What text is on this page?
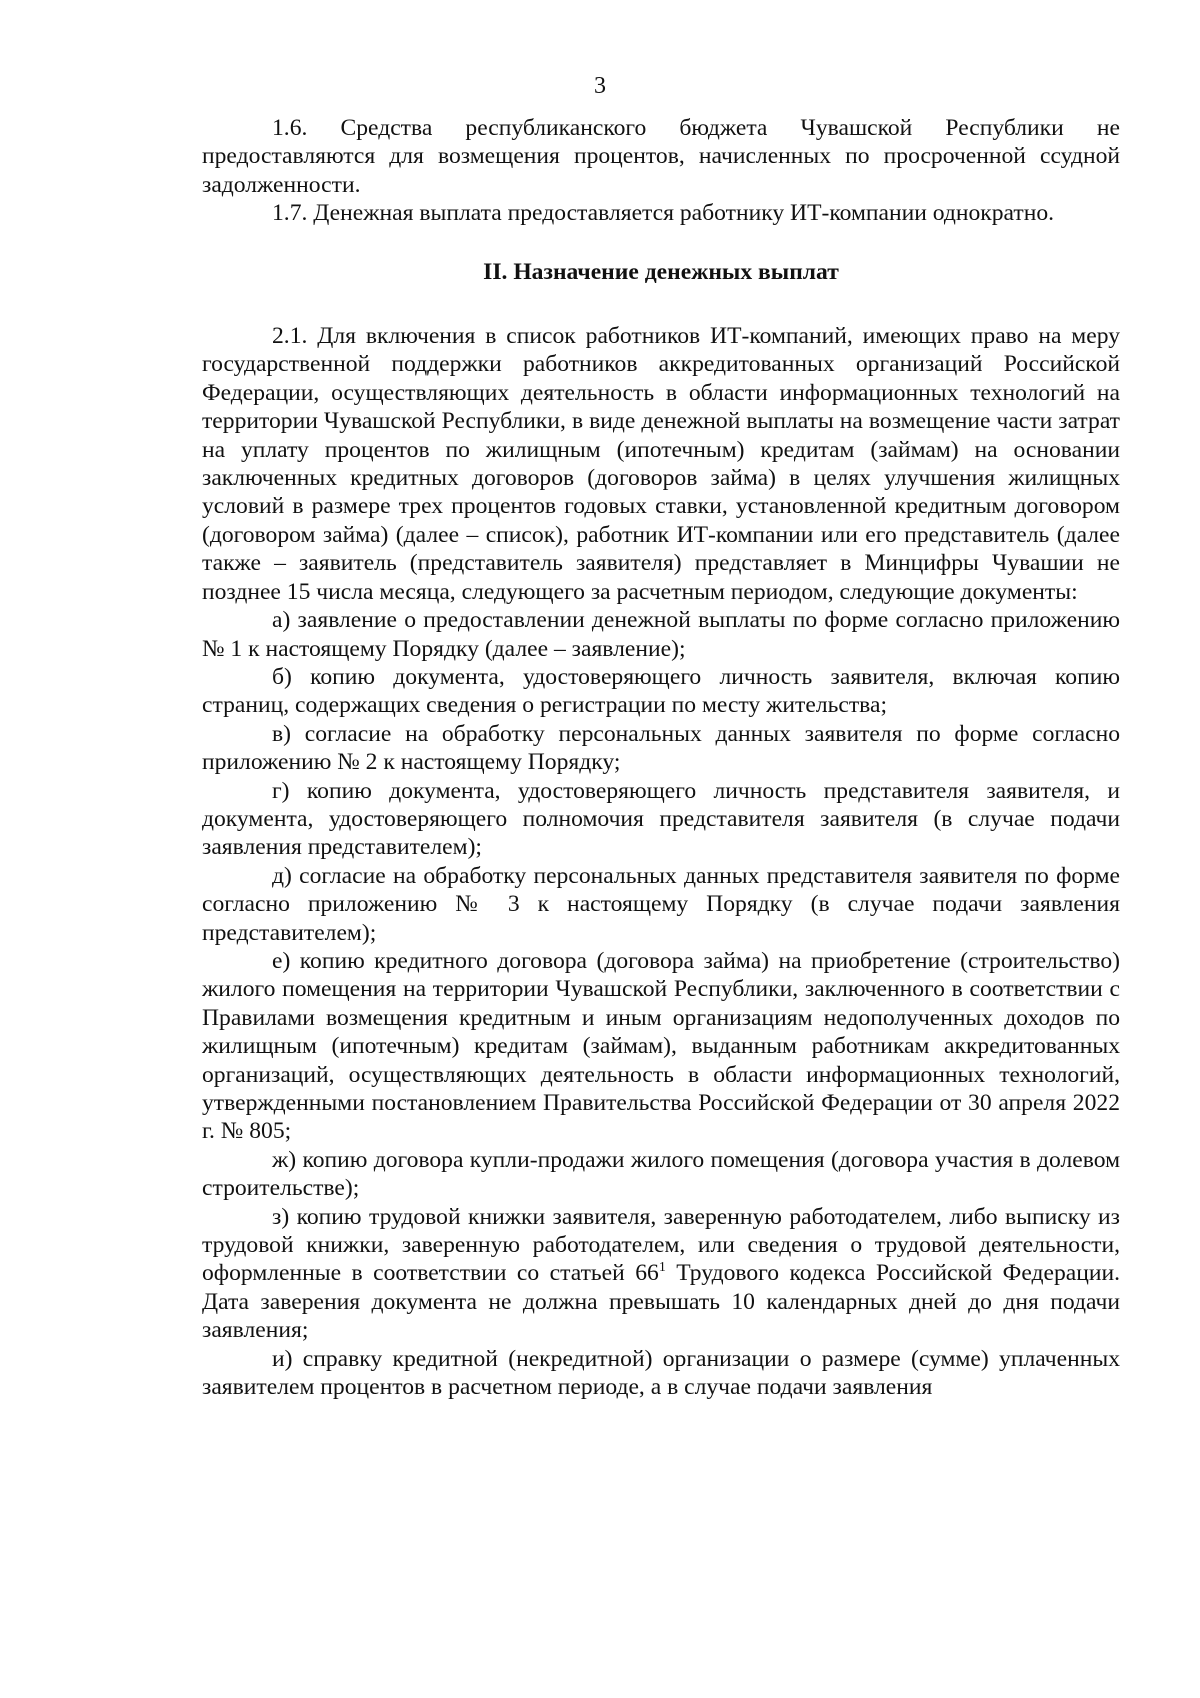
3

1.6. Средства республиканского бюджета Чувашской Республики не предоставляются для возмещения процентов, начисленных по просроченной ссудной задолженности.

1.7. Денежная выплата предоставляется работнику ИТ-компании однократно.

II. Назначение денежных выплат

2.1. Для включения в список работников ИТ-компаний, имеющих право на меру государственной поддержки работников аккредитованных организаций Российской Федерации, осуществляющих деятельность в области информационных технологий на территории Чувашской Республики, в виде денежной выплаты на возмещение части затрат на уплату процентов по жилищным (ипотечным) кредитам (займам) на основании заключенных кредитных договоров (договоров займа) в целях улучшения жилищных условий в размере трех процентов годовых ставки, установленной кредитным договором (договором займа) (далее – список), работник ИТ-компании или его представитель (далее также – заявитель (представитель заявителя) представляет в Минцифры Чувашии не позднее 15 числа месяца, следующего за расчетным периодом, следующие документы:

а) заявление о предоставлении денежной выплаты по форме согласно приложению № 1 к настоящему Порядку (далее – заявление);

б) копию документа, удостоверяющего личность заявителя, включая копию страниц, содержащих сведения о регистрации по месту жительства;

в) согласие на обработку персональных данных заявителя по форме согласно приложению № 2 к настоящему Порядку;

г) копию документа, удостоверяющего личность представителя заявителя, и документа, удостоверяющего полномочия представителя заявителя (в случае подачи заявления представителем);

д) согласие на обработку персональных данных представителя заявителя по форме согласно приложению № 3 к настоящему Порядку (в случае подачи заявления представителем);

е) копию кредитного договора (договора займа) на приобретение (строительство) жилого помещения на территории Чувашской Республики, заключенного в соответствии с Правилами возмещения кредитным и иным организациям недополученных доходов по жилищным (ипотечным) кредитам (займам), выданным работникам аккредитованных организаций, осуществляющих деятельность в области информационных технологий, утвержденными постановлением Правительства Российской Федерации от 30 апреля 2022 г. № 805;

ж) копию договора купли-продажи жилого помещения (договора участия в долевом строительстве);

з) копию трудовой книжки заявителя, заверенную работодателем, либо выписку из трудовой книжки, заверенную работодателем, или сведения о трудовой деятельности, оформленные в соответствии со статьей $66^1$ Трудового кодекса Российской Федерации. Дата заверения документа не должна превышать 10 календарных дней до дня подачи заявления;

и) справку кредитной (некредитной) организации о размере (сумме) уплаченных заявителем процентов в расчетном периоде, а в случае подачи заявления
